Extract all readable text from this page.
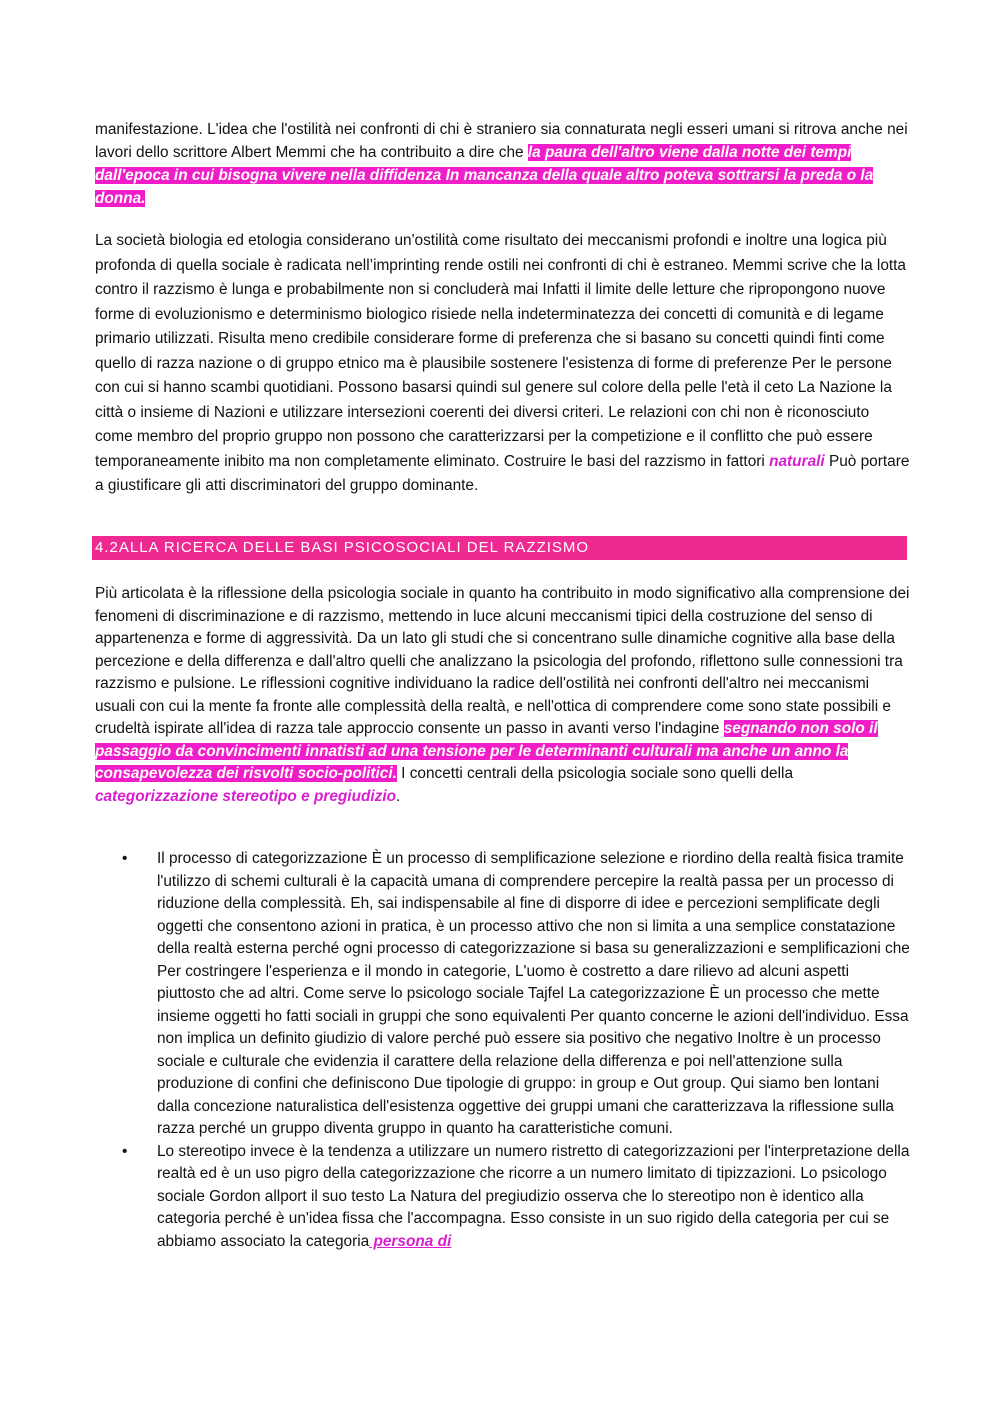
manifestazione. L'idea che l'ostilità nei confronti di chi è straniero sia connaturata negli esseri umani si ritrova anche nei lavori dello scrittore Albert Memmi che ha contribuito a dire che la paura dell'altro viene dalla notte dei tempi dall'epoca in cui bisogna vivere nella diffidenza In mancanza della quale altro poteva sottrarsi la preda o la donna.

La società biologia ed etologia considerano un'ostilità come risultato dei meccanismi profondi e inoltre una logica più profonda di quella sociale è radicata nell’imprinting rende ostili nei confronti di chi è estraneo. Memmi scrive che la lotta contro il razzismo è lunga e probabilmente non si concluderà mai Infatti il limite delle letture che ripropongono nuove forme di evoluzionismo e determinismo biologico risiede nella indeterminatezza dei concetti di comunità e di legame primario utilizzati. Risulta meno credibile considerare forme di preferenza che si basano su concetti quindi finti come quello di razza nazione o di gruppo etnico ma è plausibile sostenere l'esistenza di forme di preferenze Per le persone con cui si hanno scambi quotidiani. Possono basarsi quindi sul genere sul colore della pelle l'età il ceto La Nazione la città o insieme di Nazioni e utilizzare intersezioni coerenti dei diversi criteri. Le relazioni con chi non è riconosciuto come membro del proprio gruppo non possono che caratterizzarsi per la competizione e il conflitto che può essere temporaneamente inibito ma non completamente eliminato. Costruire le basi del razzismo in fattori naturali Può portare a giustificare gli atti discriminatori del gruppo dominante.

4.2ALLA RICERCA DELLE BASI PSICOSOCIALI DEL RAZZISMO

Più articolata è la riflessione della psicologia sociale in quanto ha contribuito in modo significativo alla comprensione dei fenomeni di discriminazione e di razzismo, mettendo in luce alcuni meccanismi tipici della costruzione del senso di appartenenza e forme di aggressività. Da un lato gli studi che si concentrano sulle dinamiche cognitive alla base della percezione e della differenza e dall'altro quelli che analizzano la psicologia del profondo, riflettono sulle connessioni tra razzismo e pulsione. Le riflessioni cognitive individuano la radice dell'ostilità nei confronti dell'altro nei meccanismi usuali con cui la mente fa fronte alle complessità della realtà, e nell'ottica di comprendere come sono state possibili e crudeltà ispirate all'idea di razza tale approccio consente un passo in avanti verso l'indagine segnando non solo il passaggio da convincimenti innatisti ad una tensione per le determinanti culturali ma anche un anno la consapevolezza dei risvolti socio-politici. I concetti centrali della psicologia sociale sono quelli della categorizzazione stereotipo e pregiudizio.

• Il processo di categorizzazione È un processo di semplificazione selezione e riordino della realtà fisica tramite l'utilizzo di schemi culturali è la capacità umana di comprendere percepire la realtà passa per un processo di riduzione della complessità. Eh, sai indispensabile al fine di disporre di idee e percezioni semplificate degli oggetti che consentono azioni in pratica, è un processo attivo che non si limita a una semplice constatazione della realtà esterna perché ogni processo di categorizzazione si basa su generalizzazioni e semplificazioni che Per costringere l'esperienza e il mondo in categorie, L'uomo è costretto a dare rilievo ad alcuni aspetti piuttosto che ad altri. Come serve lo psicologo sociale Tajfel La categorizzazione È un processo che mette insieme oggetti ho fatti sociali in gruppi che sono equivalenti Per quanto concerne le azioni dell'individuo. Essa non implica un definito giudizio di valore perché può essere sia positivo che negativo Inoltre è un processo sociale e culturale che evidenzia il carattere della relazione della differenza e poi nell'attenzione sulla produzione di confini che definiscono Due tipologie di gruppo: in group e Out group. Qui siamo ben lontani dalla concezione naturalistica dell'esistenza oggettive dei gruppi umani che caratterizzava la riflessione sulla razza perché un gruppo diventa gruppo in quanto ha caratteristiche comuni.
• Lo stereotipo invece è la tendenza a utilizzare un numero ristretto di categorizzazioni per l'interpretazione della realtà ed è un uso pigro della categorizzazione che ricorre a un numero limitato di tipizzazioni. Lo psicologo sociale Gordon allport il suo testo La Natura del pregiudizio osserva che lo stereotipo non è identico alla categoria perché è un'idea fissa che l'accompagna. Esso consiste in un suo rigido della categoria per cui se abbiamo associato la categoria persona di
